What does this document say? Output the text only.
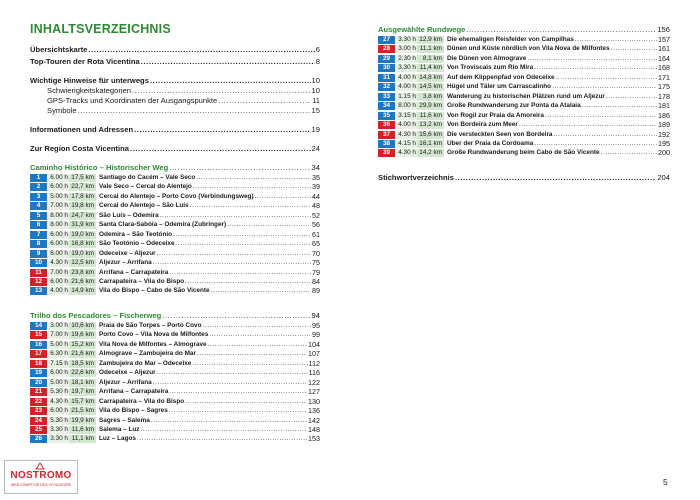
INHALTSVERZEICHNIS
Übersichtskarte .....	6
Top-Touren der Rota Vicentina .....	8
Wichtige Hinweise für unterwegs .....	10
Schwierigkeitskategorien .....	10
GPS-Tracks und Koordinaten der Ausgangspunkte .....	11
Symbole .....	15
Informationen und Adressen .....	19
Zur Region Costa Vicentina .....	24
Caminho Histórico – Historischer Weg .....	34
1	6.00 h 17,5 km Santiago do Cacém – Vale Seco .....	35
2	6.00 h 22,7 km Vale Seco – Cercal do Alentejo .....	39
3	5.00 h 17,8 km Cercal do Alentejo – Porto Covo (Verbindungsweg) .....	44
4	7.00 h 19,8 km Cercal do Alentejo – São Luís .....	48
5	8.00 h 24,7 km São Luís – Odemira .....	52
6	8.00 h 31,9 km Santa Clara-Sabóia – Odemira (Zubringer) .....	56
7	6.00 h 19,0 km Odemira – São Teotónio .....	61
8	6.00 h 16,8 km São Teotónio – Odeceixe .....	65
9	6.00 h 19,0 km Odeceixe – Aljezur .....	70
10	4.30 h 12,5 km Aljezur – Arrifana .....	75
11	7.00 h 23,8 km Arrifana – Carrapateira .....	79
12	6.00 h 21,6 km Carrapateira – Vila do Bispo .....	84
13	4.00 h 14,9 km Vila do Bispo – Cabo de São Vicente .....	89
Trilho dos Pescadores – Fischerweg .....	94
14	3.00 h 10,6 km Praia de São Torpes – Porto Covo .....	95
15	7.00 h 19,6 km Porto Covo – Vila Nova de Milfontes .....	99
16	5.00 h 15,2 km Vila Nova de Milfontes – Almograve .....	104
17	6.30 h 21,6 km Almograve – Zambujeira do Mar .....	107
18	7.15 h 18,5 km Zambujeira do Mar – Odeceixe .....	112
19	6.00 h 22,6 km Odeceixe – Aljezur .....	116
20	5.00 h 18,1 km Aljezur – Arrifana .....	122
21	5.30 h 19,7 km Arrifana – Carrapateira .....	127
22	4.30 h 15,7 km Carrapateira – Vila do Bispo .....	130
23	6.00 h 21,5 km Vila do Bispo – Sagres .....	136
24	5.30 h 19,9 km Sagres – Salema .....	142
25	3.30 h 11,6 km Salema – Luz .....	148
26	3.30 h 11,1 km Luz – Lagos .....	153
Ausgewählte Rundwege .....	156
27	3.30 h 12,9 km Die ehemaligen Reisfelder von Campilhas .....	157
28	3.00 h 11,1 km Dünen und Küste nördlich von Vila Nova de Milfontes .....	161
29	2.30 h	8,1 km Die Dünen von Almograve .....	164
30	3.30 h 11,4 km Von Troviscais zum Rio Mira .....	168
31	4.00 h 14,8 km Auf dem Klippenpfad von Odeceixe .....	171
32	4.00 h 14,5 km Hügel und Täler um Carrascalinho .....	175
33	1.15 h	3,8 km Wanderung zu historischen Plätzen rund um Aljezur .....	178
34	8.00 h 29,9 km Große Rundwanderung zur Ponta da Atalaia .....	181
35	3.15 h 11,6 km Von Rogil zur Praia da Amoreira .....	186
36	4.00 h 13,2 km Von Bordeira zum Meer .....	189
37	4.30 h 15,6 km Die versteckten Seen von Bordeira .....	192
38	4.15 h 16,1 km Über der Praia da Cordoama .....	195
39	4.30 h 14,2 km Große Rundwanderung beim Cabo de São Vicente .....	200
Stichwortverzeichnis .....	204
NOSTROMO
WEB COMPTOIR DES VOYAGEURS	5
